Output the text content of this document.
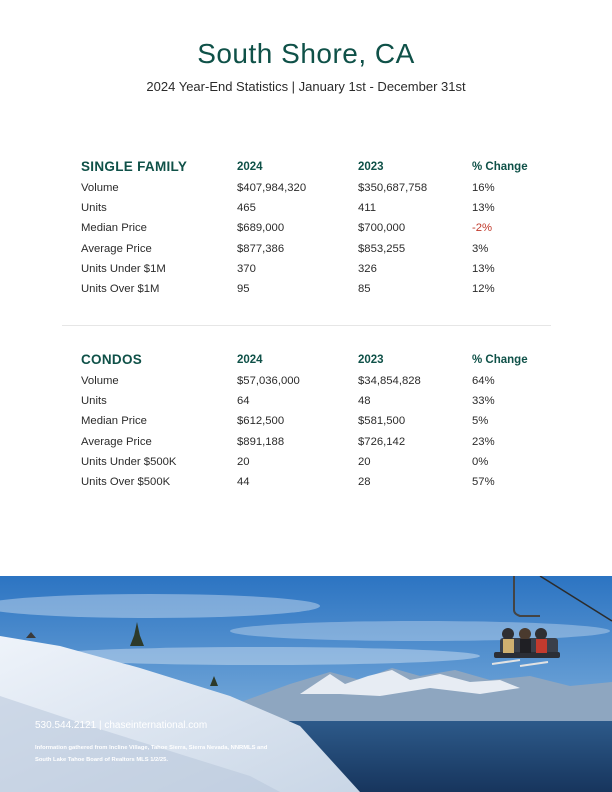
South Shore, CA
2024 Year-End Statistics | January 1st - December 31st
SINGLE FAMILY	2024	2023	% Change
Volume	$407,984,320	$350,687,758	16%
Units	465	411	13%
Median Price	$689,000	$700,000	-2%
Average Price	$877,386	$853,255	3%
Units Under $1M	370	326	13%
Units Over $1M	95	85	12%
CONDOS	2024	2023	% Change
Volume	$57,036,000	$34,854,828	64%
Units	64	48	33%
Median Price	$612,500	$581,500	5%
Average Price	$891,188	$726,142	23%
Units Under $500K	20	20	0%
Units Over $500K	44	28	57%
530.544.2121 | chaseinternational.com
Information gathered from Incline Village, Tahoe Sierra, Sierra Nevada, NNRMLS and South Lake Tahoe Board of Realtors MLS 1/2/25.
